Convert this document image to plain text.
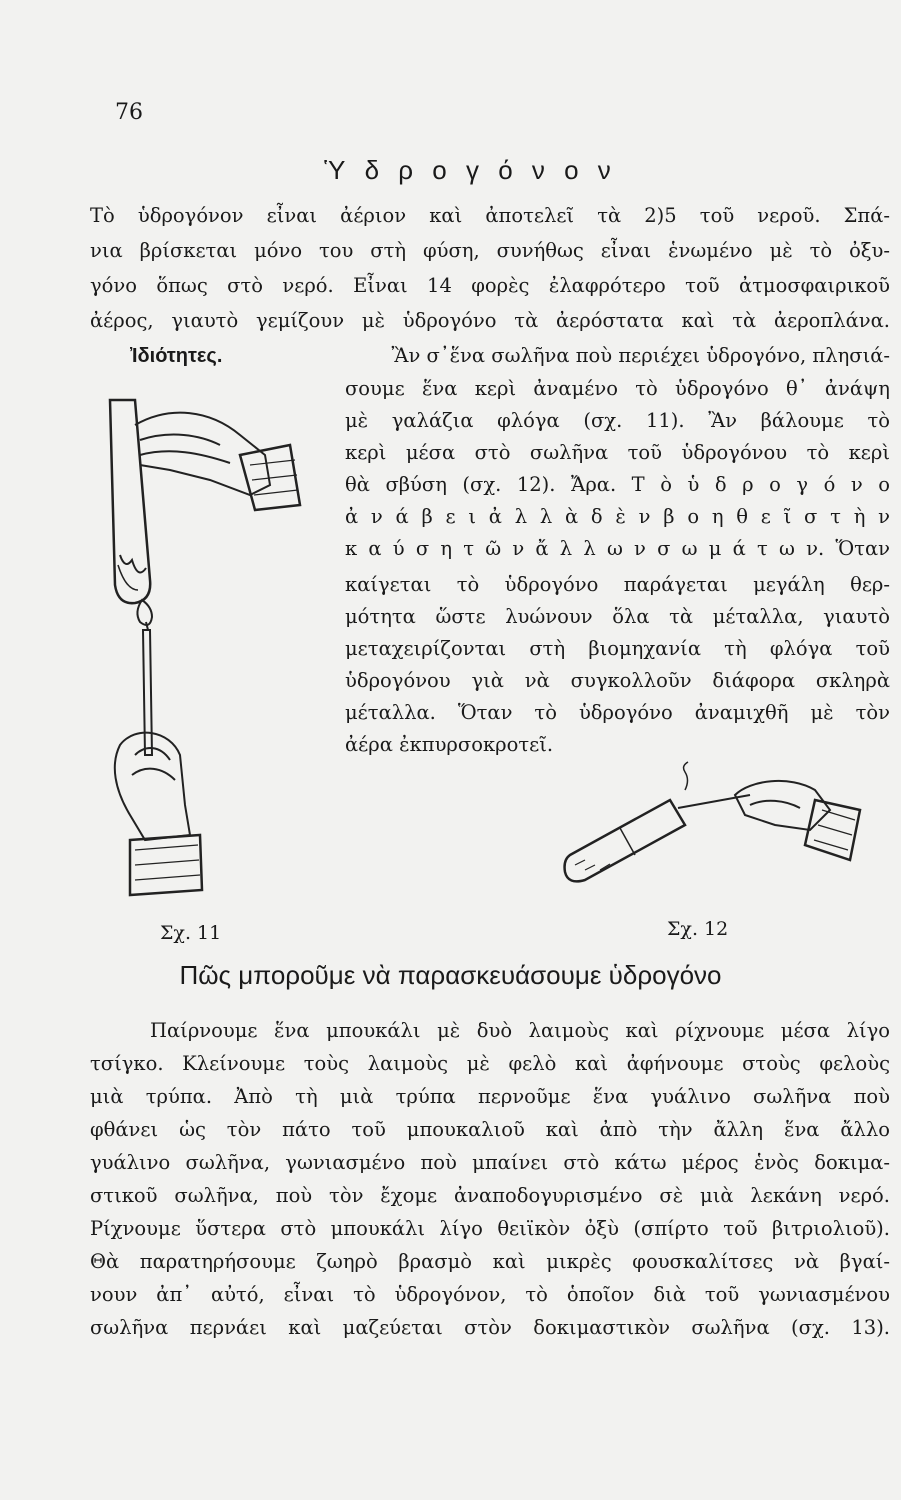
76
Ὑ δ ρ ο γ ό ν ο ν
Τὸ ὑδρογόνον εἶναι ἀέριον καὶ ἀποτελεῖ τὰ 2)5 τοῦ νεροῦ. Σπά-
νια βρίσκεται μόνο του στὴ φύση, συνήθως εἶναι ἑνωμένο μὲ τὸ ὀξυ-
γόνο ὅπως στὸ νερό. Εἶναι 14 φορὲς ἐλαφρότερο τοῦ ἀτμοσφαιρικοῦ
ἀέρος, γιαυτὸ γεμίζουν μὲ ὑδρογόνο τὰ ἀερόστατα καὶ τὰ ἀεροπλάνα.
Ἰδιότητες.	Ἂν σ᾽ἕνα σωλῆνα ποὺ περιέχει ὑδρογόνο, πλησιά-
σουμε ἕνα κερὶ ἀναμένο τὸ ὑδρογόνο θ᾽ ἀνάψη
μὲ γαλάζια φλόγα (σχ. 11). Ἂν βάλουμε τὸ
κερὶ μέσα στὸ σωλῆνα τοῦ ὑδρογόνου τὸ κερὶ
θὰ σβύση (σχ. 12). Ἄρα. Τ ὸ ὑ δ ρ ο γ ό ν ο
ἀ ν ά β ε ι ἀ λ λ ὰ δ ὲ ν β ο η θ ε ῖ σ τ ὴ ν
κ α ύ σ η τ ῶ ν ἄ λ λ ω ν σ ω μ ά τ ω ν. Ὅταν
καίγεται τὸ ὑδρογόνο παράγεται μεγάλη θερ-
μότητα ὥστε λυώνουν ὅλα τὰ μέταλλα, γιαυτὸ
μεταχειρίζονται στὴ βιομηχανία τὴ φλόγα τοῦ
ὑδρογόνου γιὰ νὰ συγκολλοῦν διάφορα σκληρὰ
μέταλλα. Ὅταν τὸ ὑδρογόνο ἀναμιχθῆ μὲ τὸν
ἀέρα ἐκπυρσοκροτεῖ.
Σχ. 11	Σχ. 12
Πῶς μποροῦμε νὰ παρασκευάσουμε ὑδρογόνο
Παίρνουμε ἕνα μπουκάλι μὲ δυὸ λαιμοὺς καὶ ρίχνουμε μέσα λίγο
τσίγκο. Κλείνουμε τοὺς λαιμοὺς μὲ φελὸ καὶ ἀφήνουμε στοὺς φελοὺς
μιὰ τρύπα. Ἀπὸ τὴ μιὰ τρύπα περνοῦμε ἕνα γυάλινο σωλῆνα ποὺ
φθάνει ὡς τὸν πάτο τοῦ μπουκαλιοῦ καὶ ἀπὸ τὴν ἄλλη ἕνα ἄλλο
γυάλινο σωλῆνα, γωνιασμένο ποὺ μπαίνει στὸ κάτω μέρος ἑνὸς δοκιμα-
στικοῦ σωλῆνα, ποὺ τὸν ἔχομε ἀναποδογυρισμένο σὲ μιὰ λεκάνη νερό.
Ρίχνουμε ὕστερα στὸ μπουκάλι λίγο θειϊκὸν ὀξὺ (σπίρτο τοῦ βιτριολιοῦ).
Θὰ παρατηρήσουμε ζωηρὸ βρασμὸ καὶ μικρὲς φουσκαλίτσες νὰ βγαί-
νουν ἀπ᾽ αὐτό, εἶναι τὸ ὑδρογόνον, τὸ ὁποῖον διὰ τοῦ γωνιασμένου
σωλῆνα περνάει καὶ μαζεύεται στὸν δοκιμαστικὸν σωλῆνα (σχ. 13).
